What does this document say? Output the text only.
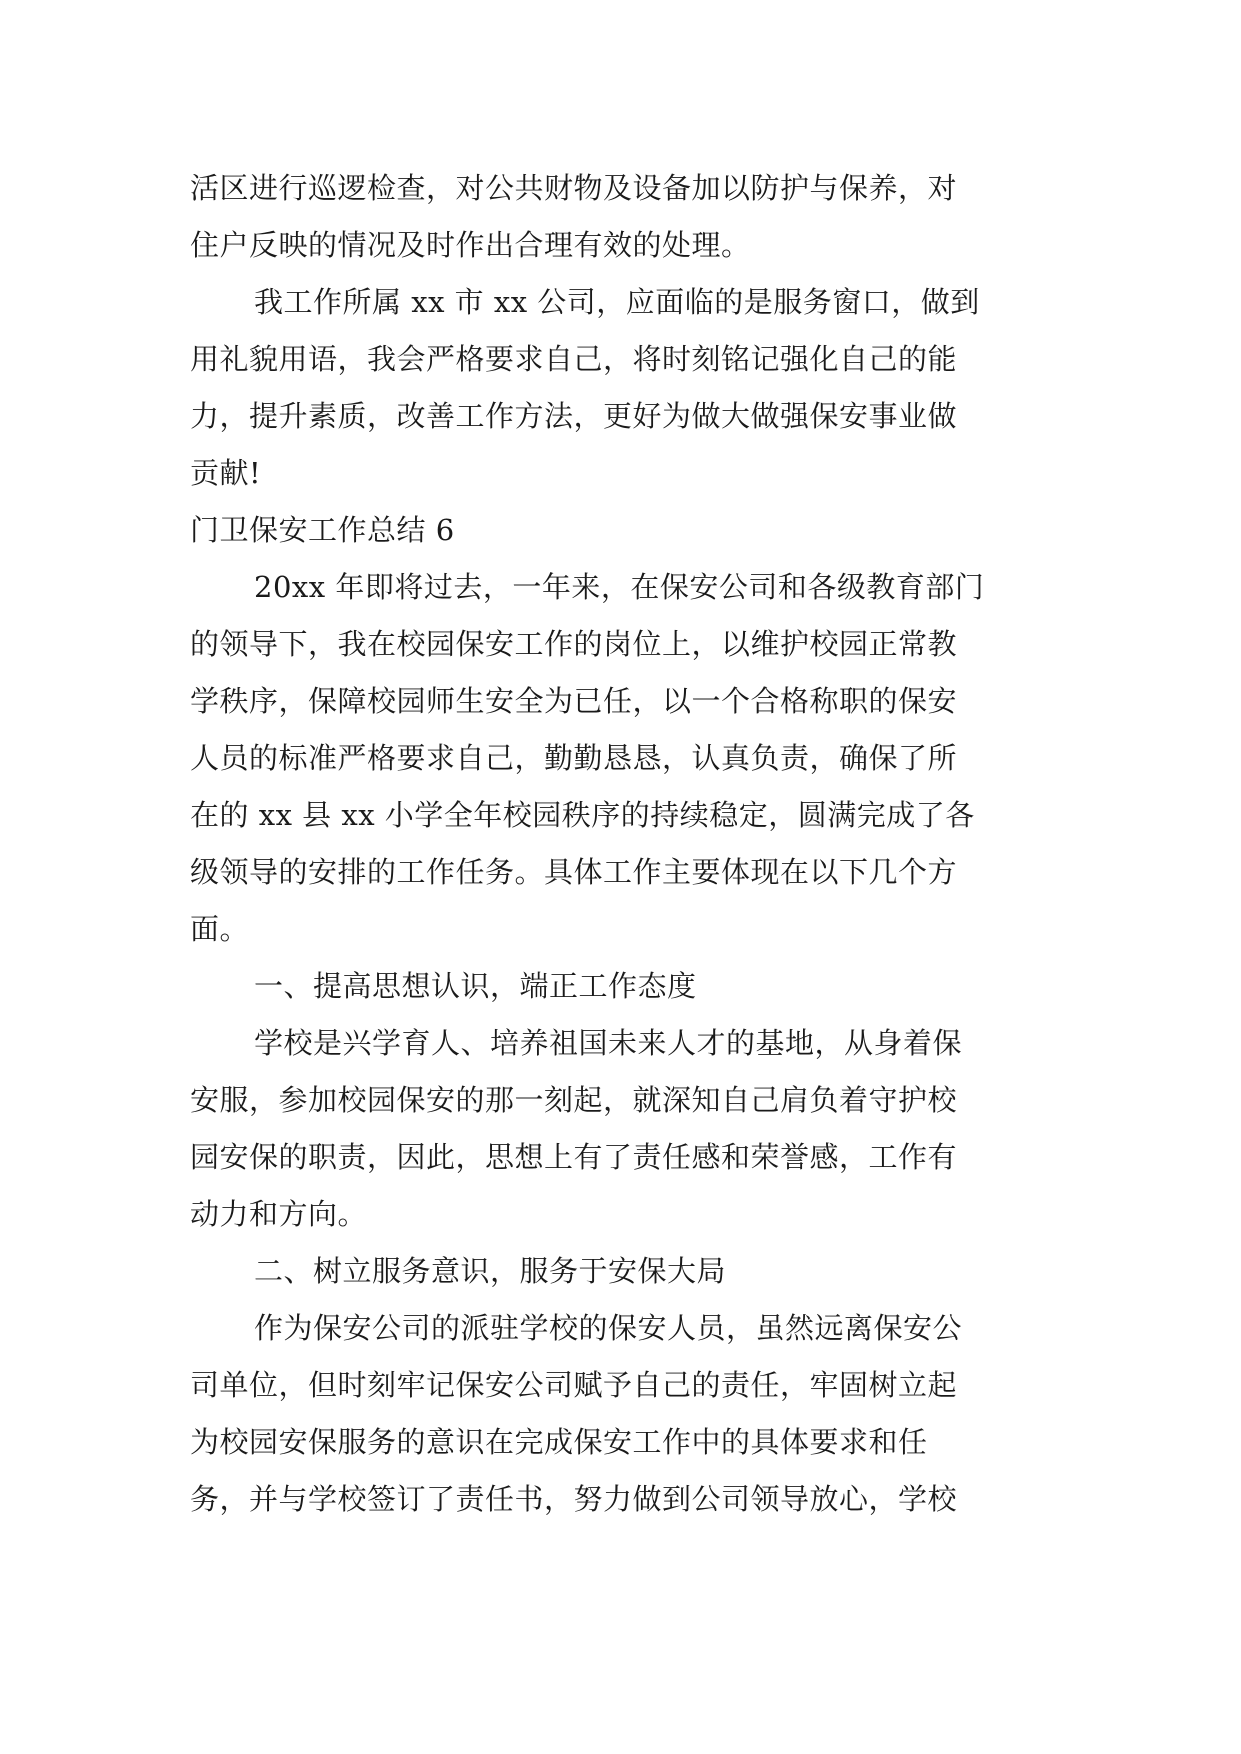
活区进行巡逻检查，对公共财物及设备加以防护与保养，对
住户反映的情况及时作出合理有效的处理。
我工作所属 xx 市 xx 公司，应面临的是服务窗口，做到
用礼貌用语，我会严格要求自己，将时刻铭记强化自己的能
力，提升素质，改善工作方法，更好为做大做强保安事业做
贡献!
门卫保安工作总结 6
20xx 年即将过去，一年来，在保安公司和各级教育部门
的领导下，我在校园保安工作的岗位上，以维护校园正常教
学秩序，保障校园师生安全为已任，以一个合格称职的保安
人员的标准严格要求自己，勤勤恳恳，认真负责，确保了所
在的 xx 县 xx 小学全年校园秩序的持续稳定，圆满完成了各
级领导的安排的工作任务。具体工作主要体现在以下几个方
面。
一、提高思想认识，端正工作态度
学校是兴学育人、培养祖国未来人才的基地，从身着保
安服，参加校园保安的那一刻起，就深知自己肩负着守护校
园安保的职责，因此，思想上有了责任感和荣誉感，工作有
动力和方向。
二、树立服务意识，服务于安保大局
作为保安公司的派驻学校的保安人员，虽然远离保安公
司单位，但时刻牢记保安公司赋予自己的责任，牢固树立起
为校园安保服务的意识在完成保安工作中的具体要求和任
务，并与学校签订了责任书，努力做到公司领导放心，学校
